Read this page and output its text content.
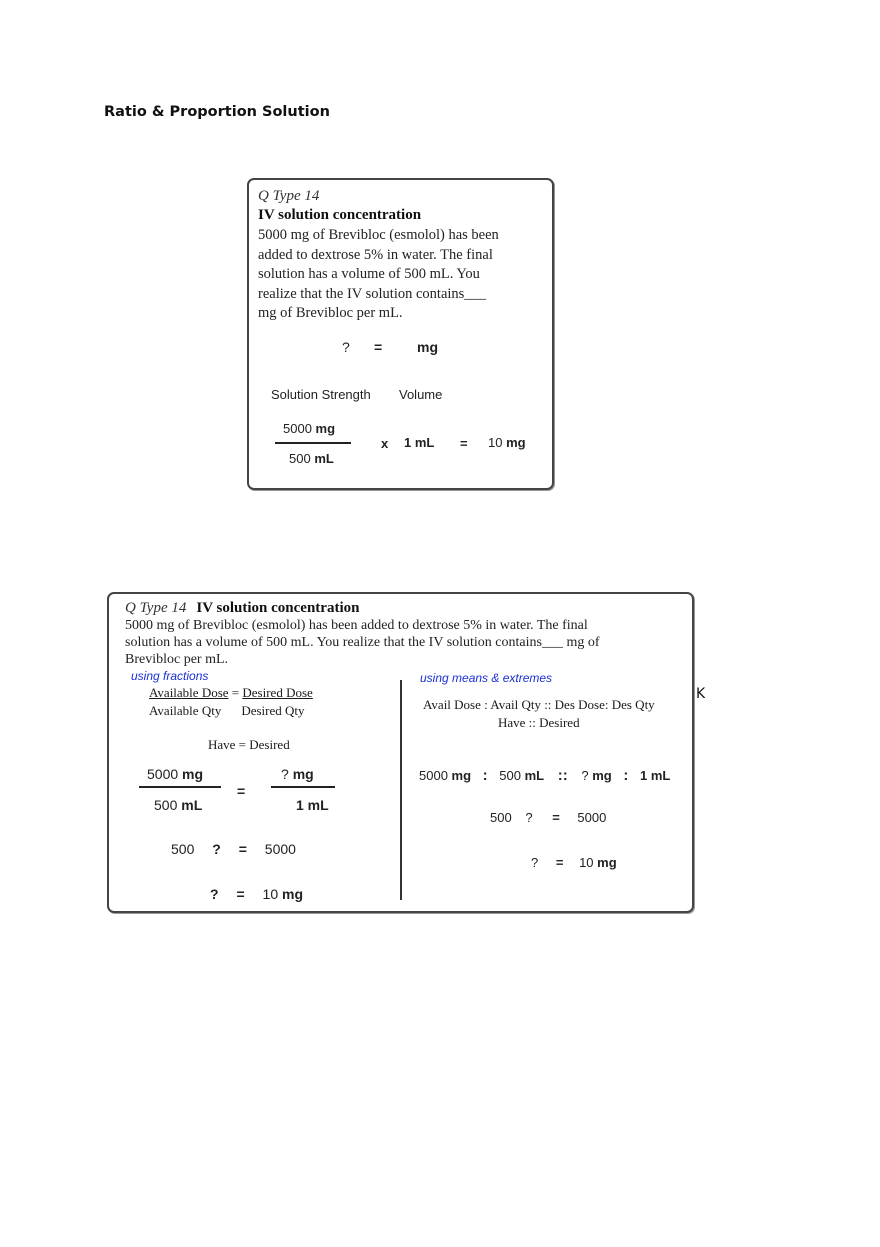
Ratio & Proportion Solution
Q Type 14
IV solution concentration
5000 mg of Brevibloc (esmolol) has been
added to dextrose 5% in water. The final
solution has a volume of 500 mL. You
realize that the IV solution contains___
mg of Brevibloc per mL.
? = mg
Solution Strength Volume
5000 mg
500 mL
x 1 mL = 10 mg
Q Type 14 IV solution concentration
5000 mg of Brevibloc (esmolol) has been added to dextrose 5% in water. The final
solution has a volume of 500 mL. You realize that the IV solution contains___ mg of
Brevibloc per mL.
using fractions
Available Dose = Desired Dose
Available Qty Desired Qty
Have = Desired
5000 mg
500 mL
=
? mg
1 mL
500 ? = 5000
? = 10 mg
using means & extremes
Avail Dose : Avail Qty :: Des Dose: Des Qty
Have :: Desired
5000 mg : 500 mL :: ? mg : 1 mL
500 ? = 5000
? = 10 mg
K
